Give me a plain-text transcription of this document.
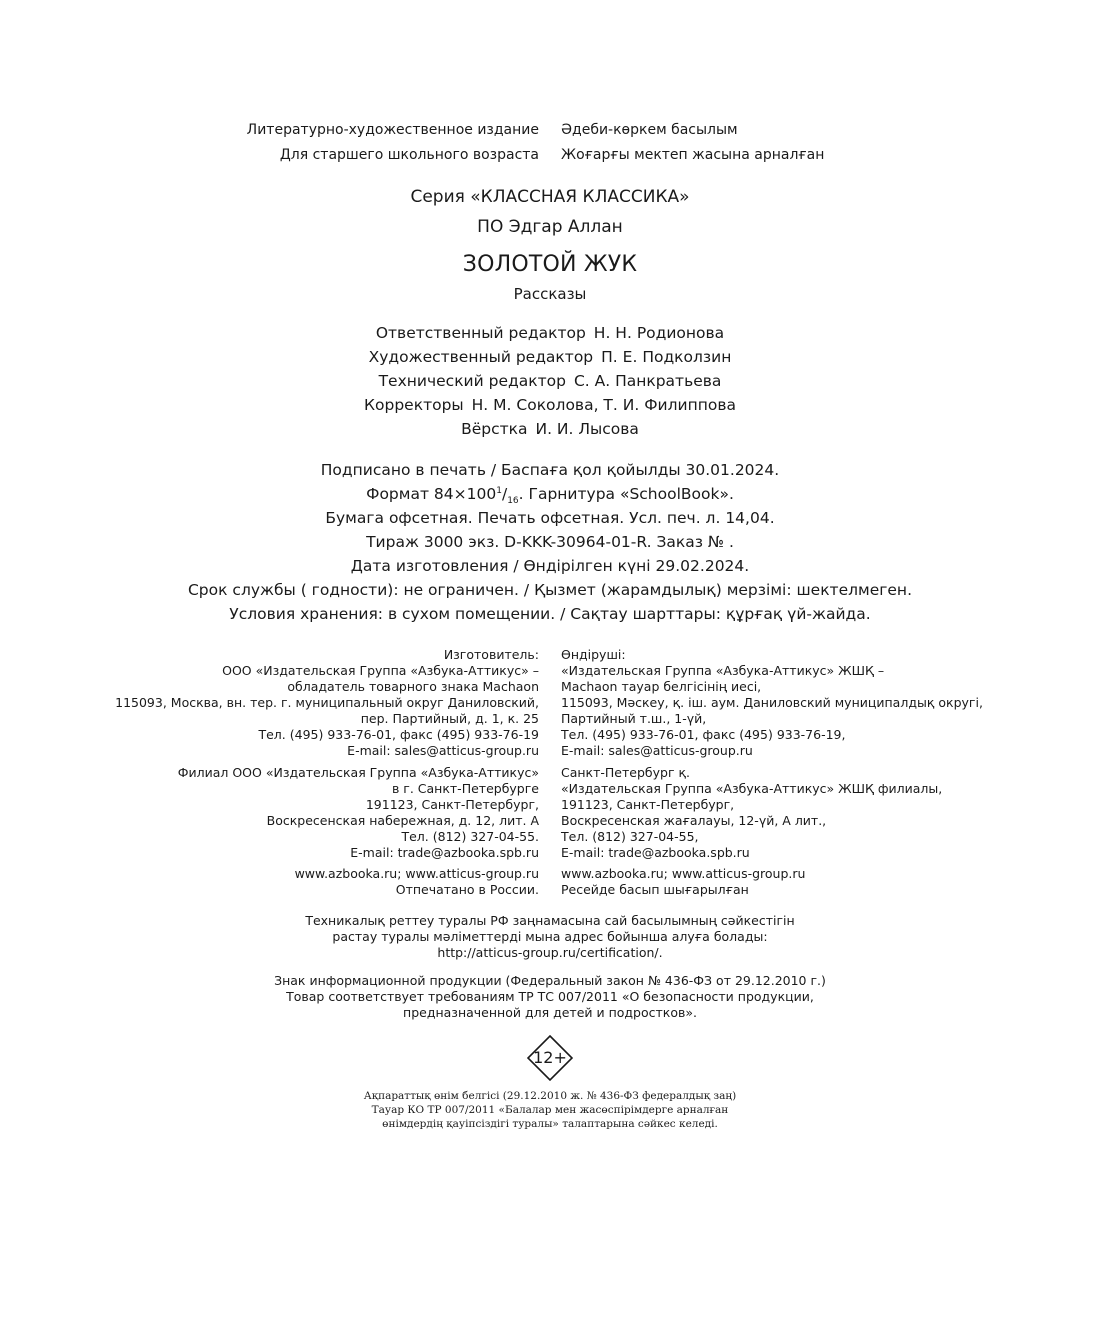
Литературно-художественное издание Әдеби-көркем басылым
Для старшего школьного возраста Жоғарғы мектеп жасына арналған
Серия «КЛАССНАЯ КЛАССИКА»
ПО Эдгар Аллан
ЗОЛОТОЙ ЖУК
Рассказы
Ответственный редактор Н. Н. Родионова
Художественный редактор П. Е. Подколзин
Технический редактор С. А. Панкратьева
Корректоры Н. М. Соколова, Т. И. Филиппова
Вёрстка И. И. Лысова
Подписано в печать / Баспаға қол қойылды 30.01.2024.
Формат $84\times 100^1/_{16}$. Гарнитура «SchoolBook».
Бумага офсетная. Печать офсетная. Усл. печ. л. 14,04.
Тираж 3000 экз. D-KKK-30964-01-R. Заказ № .
Дата изготовления / Өндірілген күні 29.02.2024.
Срок службы ( годности): не ограничен. / Қызмет (жарамдылық) мерзімі: шектелмеген.
Условия хранения: в сухом помещении. / Сақтау шарттары: құрғақ үй-жайда.
Изготовитель:
ООО «Издательская Группа «Азбука-Аттикус» –
обладатель товарного знака Machaon
115093, Москва, вн. тер. г. муниципальный округ Даниловский,
пер. Партийный, д. 1, к. 25
Тел. (495) 933-76-01, факс (495) 933-76-19
E-mail: sales@atticus-group.ru
Өндіруші:
«Издательская Группа «Азбука-Аттикус» ЖШҚ –
Machaon тауар белгісінің иесі,
115093, Мәскеу, қ. іш. аум. Даниловский муниципалдық округі,
Партийный т.ш., 1-үй,
Тел. (495) 933-76-01, факс (495) 933-76-19,
E-mail: sales@atticus-group.ru
Филиал ООО «Издательская Группа «Азбука-Аттикус»
в г. Санкт-Петербурге
191123, Санкт-Петербург,
Воскресенская набережная, д. 12, лит. А
Тел. (812) 327-04-55.
E-mail: trade@azbooka.spb.ru
Санкт-Петербург қ.
«Издательская Группа «Азбука-Аттикус» ЖШҚ филиалы,
191123, Санкт-Петербург,
Воскресенская жағалауы, 12-үй, А лит.,
Тел. (812) 327-04-55,
E-mail: trade@azbooka.spb.ru
www.azbooka.ru; www.atticus-group.ru
Отпечатано в России.
www.azbooka.ru; www.atticus-group.ru
Ресейде басып шығарылған
Техникалық реттеу туралы РФ заңнамасына сай басылымның сәйкестігін
растау туралы мәліметтерді мына адрес бойынша алуға болады:
http://atticus-group.ru/certification/.
Знак информационной продукции (Федеральный закон № 436-ФЗ от 29.12.2010 г.)
Товар соответствует требованиям ТР ТС 007/2011 «О безопасности продукции,
предназначенной для детей и подростков».
12+
Ақпараттық өнім белгісі (29.12.2010 ж. № 436-ФЗ федералдық заң)
Тауар КО ТР 007/2011 «Балалар мен жасөспірімдерге арналған
өнімдердің қауіпсіздігі туралы» талаптарына сәйкес келеді.
